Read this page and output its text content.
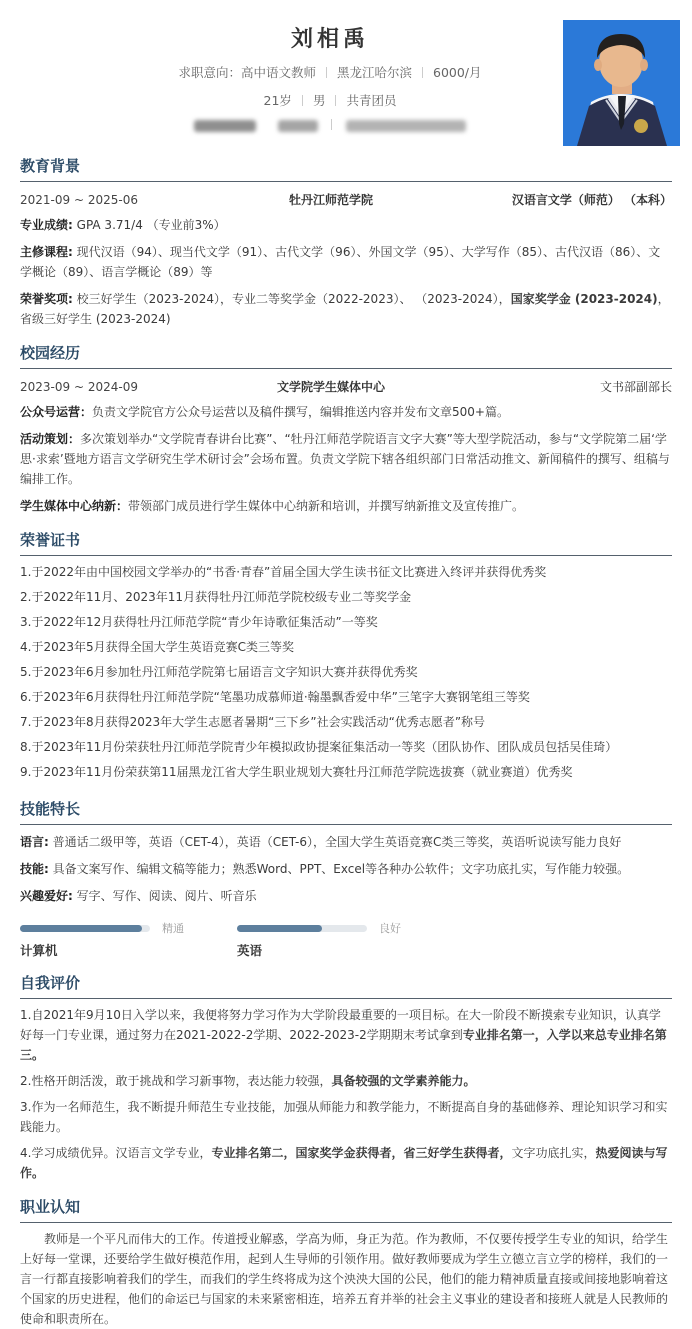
刘相禹
求职意向：高中语文教师 黑龙江哈尔滨 6000/月
21岁 男 共青团员

教育背景
2021-09 ~ 2025-06	牡丹江师范学院	汉语言文学（师范） （本科）
专业成绩: GPA 3.71/4 （专业前3%）
主修课程: 现代汉语（94）、现当代文学（91）、古代文学（96）、外国文学（95）、大学写作（85）、古代汉语（86）、文学概论（89）、语言学概论（89）等
荣誉奖项: 校三好学生（2023-2024），专业二等奖学金（2022-2023）、 （2023-2024），国家奖学金 (2023-2024)，省级三好学生 (2023-2024)
校园经历
2023-09 ~ 2024-09	文学院学生媒体中心	文书部副部长
公众号运营：负责文学院官方公众号运营以及稿件撰写，编辑推送内容并发布文章500+篇。
活动策划：多次策划举办“文学院青春讲台比赛”、“牡丹江师范学院语言文字大赛”等大型学院活动，参与“文学院第二届‘学思·求索’暨地方语言文学研究生学术研讨会”会场布置。负责文学院下辖各组织部门日常活动推文、新闻稿件的撰写、组稿与编排工作。
学生媒体中心纳新：带领部门成员进行学生媒体中心纳新和培训，并撰写纳新推文及宣传推广。
荣誉证书
1.于2022年由中国校园文学举办的“书香·青春”首届全国大学生读书征文比赛进入终评并获得优秀奖
2.于2022年11月、2023年11月获得牡丹江师范学院校级专业二等奖学金
3.于2022年12月获得牡丹江师范学院“青少年诗歌征集活动”一等奖
4.于2023年5月获得全国大学生英语竞赛C类三等奖
5.于2023年6月参加牡丹江师范学院第七届语言文字知识大赛并获得优秀奖
6.于2023年6月获得牡丹江师范学院“笔墨功成慕师道·翰墨飘香爱中华”三笔字大赛钢笔组三等奖
7.于2023年8月获得2023年大学生志愿者暑期“三下乡”社会实践活动“优秀志愿者”称号
8.于2023年11月份荣获牡丹江师范学院青少年模拟政协提案征集活动一等奖（团队协作、团队成员包括吴佳琦）
9.于2023年11月份荣获第11届黑龙江省大学生职业规划大赛牡丹江师范学院选拔赛（就业赛道）优秀奖
技能特长
语言: 普通话二级甲等，英语（CET-4），英语（CET-6），全国大学生英语竞赛C类三等奖，英语听说读写能力良好
技能: 具备文案写作、编辑文稿等能力；熟悉Word、PPT、Excel等各种办公软件；文字功底扎实，写作能力较强。
兴趣爱好: 写字、写作、阅读、阅片、听音乐
精通
计算机
良好
英语
自我评价
1.自2021年9月10日入学以来，我便将努力学习作为大学阶段最重要的一项目标。在大一阶段不断摸索专业知识，认真学好每一门专业课，通过努力在2021-2022-2学期、2022-2023-2学期期末考试拿到专业排名第一，入学以来总专业排名第三。
2.性格开朗活泼，敢于挑战和学习新事物，表达能力较强，具备较强的文学素养能力。
3.作为一名师范生，我不断提升师范生专业技能，加强从师能力和教学能力，不断提高自身的基础修养、理论知识学习和实践能力。
4.学习成绩优异。汉语言文学专业，专业排名第二，国家奖学金获得者，省三好学生获得者，文字功底扎实，热爱阅读与写作。
职业认知
教师是一个平凡而伟大的工作。传道授业解惑，学高为师，身正为范。作为教师，不仅要传授学生专业的知识，给学生上好每一堂课，还要给学生做好模范作用，起到人生导师的引领作用。做好教师要成为学生立德立言立学的榜样，我们的一言一行都直接影响着我们的学生，而我们的学生终将成为这个泱泱大国的公民，他们的能力精神质量直接或间接地影响着这个国家的历史进程，他们的命运已与国家的未来紧密相连，培养五育并举的社会主义事业的建设者和接班人就是人民教师的使命和职责所在。
